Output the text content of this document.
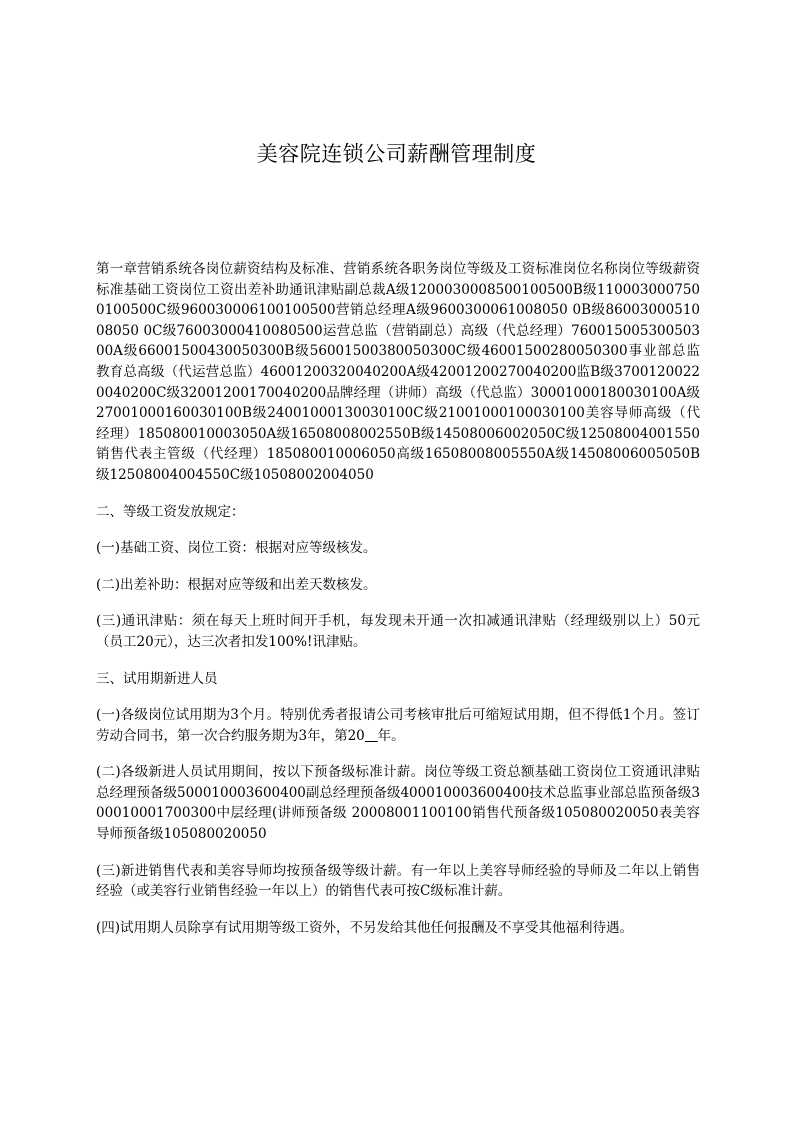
美容院连锁公司薪酬管理制度

第一章营销系统各岗位薪资结构及标准、营销系统各职务岗位等级及工资标准岗位名称岗位等级薪资标准基础工资岗位工资出差补助通讯津贴副总裁A级1200030008500100500B级1100030007500100500C级960030006100100500营销总经理A级9600300061008050 0B级8600300051008050 0C级76003000410080500运营总监（营销副总）高级（代总经理）76001500530050300A级66001500430050300B级56001500380050300C级46001500280050300事业部总监教育总高级（代运营总监）46001200320040200A级42001200270040200监B级37001200220040200C级32001200170040200品牌经理（讲师）高级（代总监）30001000180030100A级27001000160030100B级24001000130030100C级21001000100030100美容导师高级（代经理）185080010003050A级16508008002550B级14508006002050C级12508004001550销售代表主管级（代经理）185080010006050高级16508008005550A级14508006005050B级12508004004550C级10508002004050

二、等级工资发放规定：

(一)基础工资、岗位工资：根据对应等级核发。

(二)出差补助：根据对应等级和出差天数核发。

(三)通讯津贴：须在每天上班时间开手机，每发现未开通一次扣减通讯津贴（经理级别以上）50元（员工20元），达三次者扣发100%!讯津贴。

三、试用期新进人员

(一)各级岗位试用期为3个月。特别优秀者报请公司考核审批后可缩短试用期，但不得低1个月。签订劳动合同书，第一次合约服务期为3年，第20 年。

(二)各级新进人员试用期间，按以下预备级标准计薪。岗位等级工资总额基础工资岗位工资通讯津贴总经理预备级500010003600400副总经理预备级400010003600400技术总监事业部总监预备级300010001700300中层经理(讲师预备级 20008001100100销售代预备级105080020050表美容导师预备级105080020050

(三)新进销售代表和美容导师均按预备级等级计薪。有一年以上美容导师经验的导师及二年以上销售经验（或美容行业销售经验一年以上）的销售代表可按C级标准计薪。

(四)试用期人员除享有试用期等级工资外，不另发给其他任何报酬及不享受其他福利待遇。
